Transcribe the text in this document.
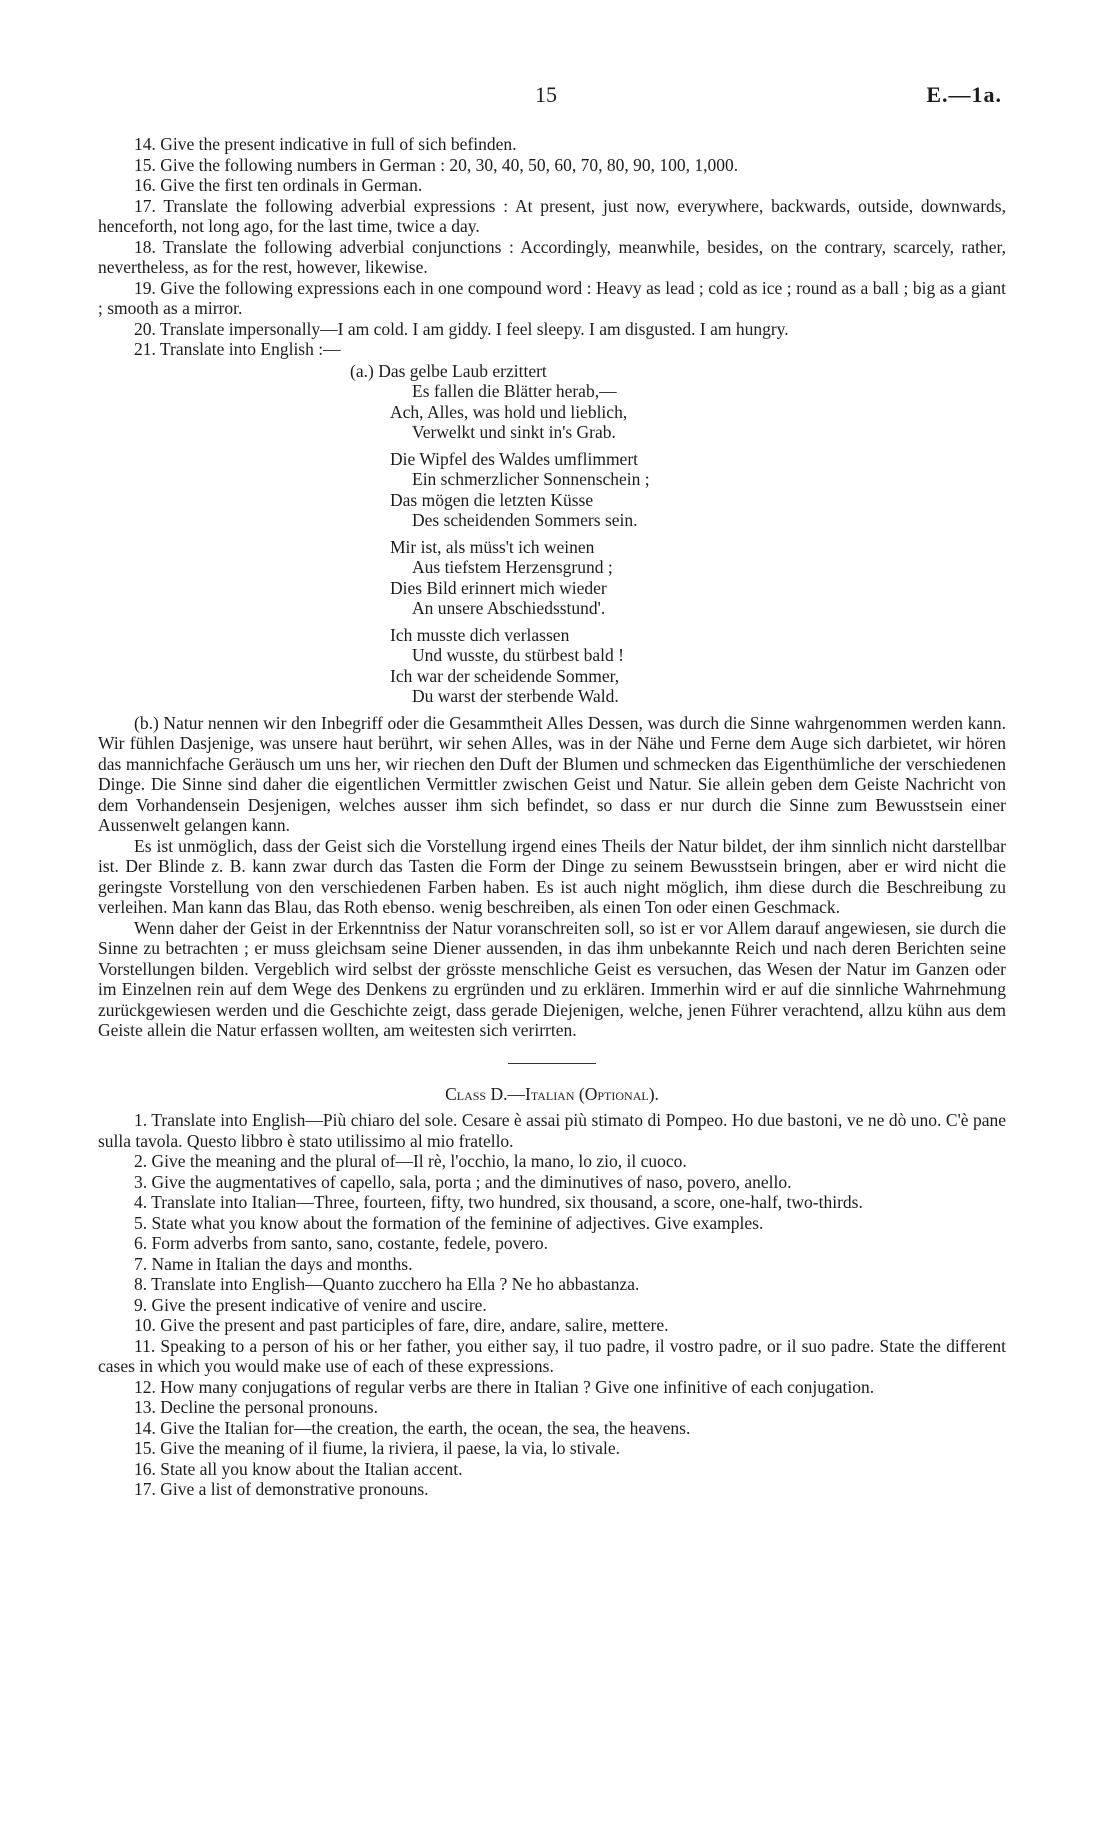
15	E.—1a.

14. Give the present indicative in full of sich befinden.

15. Give the following numbers in German : 20, 30, 40, 50, 60, 70, 80, 90, 100, 1,000.

16. Give the first ten ordinals in German.

17. Translate the following adverbial expressions : At present, just now, everywhere, backwards, outside, downwards, henceforth, not long ago, for the last time, twice a day.

18. Translate the following adverbial conjunctions : Accordingly, meanwhile, besides, on the contrary, scarcely, rather, nevertheless, as for the rest, however, likewise.

19. Give the following expressions each in one compound word : Heavy as lead ; cold as ice ; round as a ball ; big as a giant ; smooth as a mirror.

20. Translate impersonally—I am cold. I am giddy. I feel sleepy. I am disgusted. I am hungry.

21. Translate into English :—

(a.) Das gelbe Laub erzittert
Es fallen die Blätter herab,—
Ach, Alles, was hold und lieblich,
Verwelkt und sinkt in's Grab.
Die Wipfel des Waldes umflimmert
Ein schmerzlicher Sonnenschein ;
Das mögen die letzten Küsse
Des scheidenden Sommers sein.
Mir ist, als müss't ich weinen
Aus tiefstem Herzensgrund ;
Dies Bild erinnert mich wieder
An unsere Abschiedsstund'.
Ich musste dich verlassen
Und wusste, du stürbest bald !
Ich war der scheidende Sommer,
Du warst der sterbende Wald.

(b.) Natur nennen wir den Inbegriff oder die Gesammtheit Alles Dessen, was durch die Sinne wahrgenommen werden kann. Wir fühlen Dasjenige, was unsere haut berührt, wir sehen Alles, was in der Nähe und Ferne dem Auge sich darbietet, wir hören das mannichfache Geräusch um uns her, wir riechen den Duft der Blumen und schmecken das Eigenthümliche der verschiedenen Dinge. Die Sinne sind daher die eigentlichen Vermittler zwischen Geist und Natur. Sie allein geben dem Geiste Nachricht von dem Vorhandensein Desjenigen, welches ausser ihm sich befindet, so dass er nur durch die Sinne zum Bewusstsein einer Aussenwelt gelangen kann.

Es ist unmöglich, dass der Geist sich die Vorstellung irgend eines Theils der Natur bildet, der ihm sinnlich nicht darstellbar ist. Der Blinde z. B. kann zwar durch das Tasten die Form der Dinge zu seinem Bewusstsein bringen, aber er wird nicht die geringste Vorstellung von den verschiedenen Farben haben. Es ist auch night möglich, ihm diese durch die Beschreibung zu verleihen. Man kann das Blau, das Roth ebenso. wenig beschreiben, als einen Ton oder einen Geschmack.

Wenn daher der Geist in der Erkenntniss der Natur voranschreiten soll, so ist er vor Allem darauf angewiesen, sie durch die Sinne zu betrachten ; er muss gleichsam seine Diener aussenden, in das ihm unbekannte Reich und nach deren Berichten seine Vorstellungen bilden. Vergeblich wird selbst der grösste menschliche Geist es versuchen, das Wesen der Natur im Ganzen oder im Einzelnen rein auf dem Wege des Denkens zu ergründen und zu erklären. Immerhin wird er auf die sinnliche Wahrnehmung zurückgewiesen werden und die Geschichte zeigt, dass gerade Diejenigen, welche, jenen Führer verachtend, allzu kühn aus dem Geiste allein die Natur erfassen wollten, am weitesten sich verirrten.

Class D.—Italian (Optional).

1. Translate into English—Più chiaro del sole. Cesare è assai più stimato di Pompeo. Ho due bastoni, ve ne dò uno. C'è pane sulla tavola. Questo libbro è stato utilissimo al mio fratello.

2. Give the meaning and the plural of—Il rè, l'occhio, la mano, lo zio, il cuoco.

3. Give the augmentatives of capello, sala, porta ; and the diminutives of naso, povero, anello.

4. Translate into Italian—Three, fourteen, fifty, two hundred, six thousand, a score, one-half, two-thirds.

5. State what you know about the formation of the feminine of adjectives. Give examples.

6. Form adverbs from santo, sano, costante, fedele, povero.

7. Name in Italian the days and months.

8. Translate into English—Quanto zucchero ha Ella ? Ne ho abbastanza.

9. Give the present indicative of venire and uscire.

10. Give the present and past participles of fare, dire, andare, salire, mettere.

11. Speaking to a person of his or her father, you either say, il tuo padre, il vostro padre, or il suo padre. State the different cases in which you would make use of each of these expressions.

12. How many conjugations of regular verbs are there in Italian ? Give one infinitive of each conjugation.

13. Decline the personal pronouns.

14. Give the Italian for—the creation, the earth, the ocean, the sea, the heavens.

15. Give the meaning of il fiume, la riviera, il paese, la via, lo stivale.

16. State all you know about the Italian accent.

17. Give a list of demonstrative pronouns.
